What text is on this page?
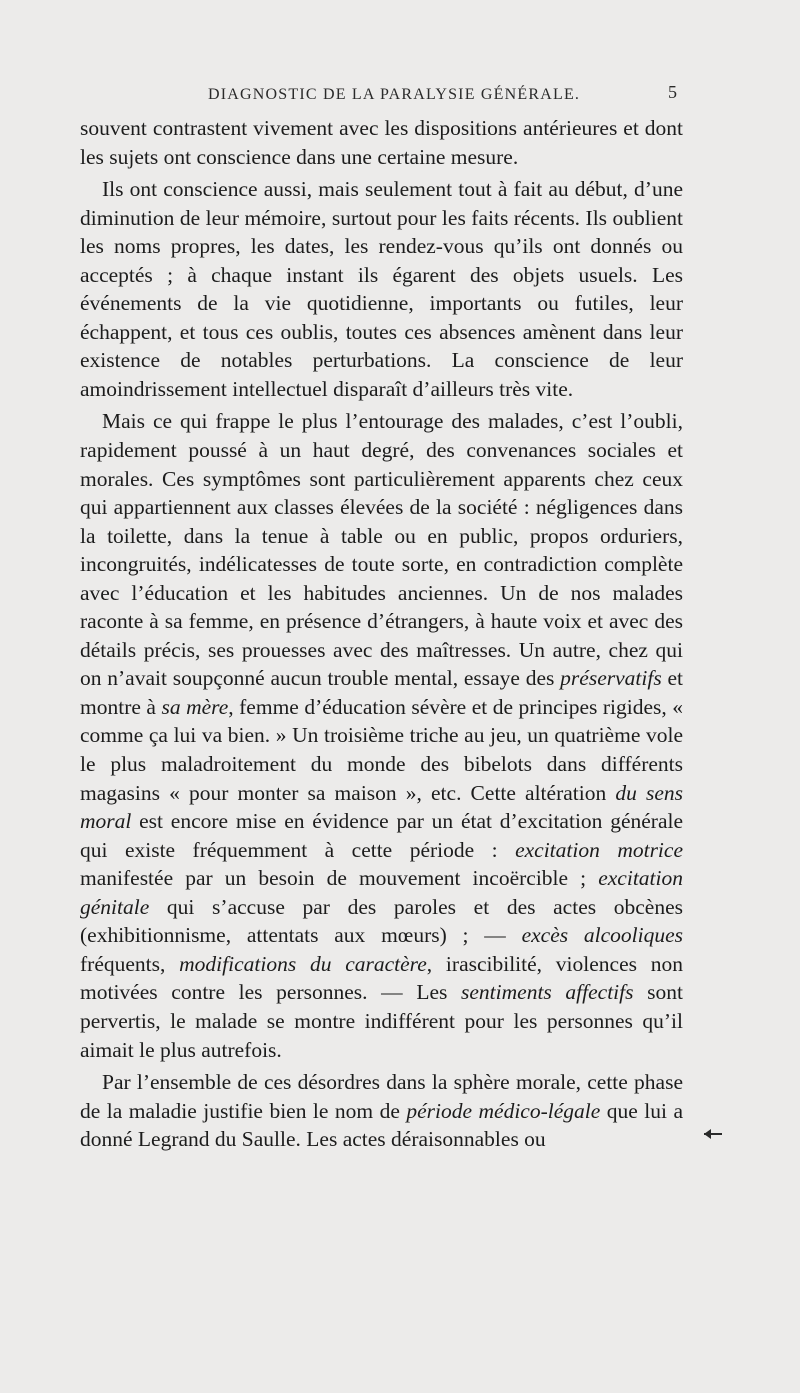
DIAGNOSTIC DE LA PARALYSIE GÉNÉRALE.	5

souvent contrastent vivement avec les dispositions antérieures et dont les sujets ont conscience dans une certaine mesure.

Ils ont conscience aussi, mais seulement tout à fait au début, d’une diminution de leur mémoire, surtout pour les faits récents. Ils oublient les noms propres, les dates, les rendez-vous qu’ils ont donnés ou acceptés ; à chaque instant ils égarent des objets usuels. Les événements de la vie quotidienne, importants ou futiles, leur échappent, et tous ces oublis, toutes ces absences amènent dans leur existence de notables perturbations. La conscience de leur amoindrissement intellectuel disparaît d’ailleurs très vite.

Mais ce qui frappe le plus l’entourage des malades, c’est l’oubli, rapidement poussé à un haut degré, des convenances sociales et morales. Ces symptômes sont particulièrement apparents chez ceux qui appartiennent aux classes élevées de la société : négligences dans la toilette, dans la tenue à table ou en public, propos orduriers, incongruités, indélicatesses de toute sorte, en contradiction complète avec l’éducation et les habitudes anciennes. Un de nos malades raconte à sa femme, en présence d’étrangers, à haute voix et avec des détails précis, ses prouesses avec des maîtresses. Un autre, chez qui on n’avait soupçonné aucun trouble mental, essaye des préservatifs et montre à sa mère, femme d’éducation sévère et de principes rigides, « comme ça lui va bien. » Un troisième triche au jeu, un quatrième vole le plus maladroitement du monde des bibelots dans différents magasins « pour monter sa maison », etc. Cette altération du sens moral est encore mise en évidence par un état d’excitation générale qui existe fréquemment à cette période : excitation motrice manifestée par un besoin de mouvement incoërcible ; excitation génitale qui s’accuse par des paroles et des actes obcènes (exhibitionnisme, attentats aux mœurs) ; — excès alcooliques fréquents, modifications du caractère, irascibilité, violences non motivées contre les personnes. — Les sentiments affectifs sont pervertis, le malade se montre indifférent pour les personnes qu’il aimait le plus autrefois.

Par l’ensemble de ces désordres dans la sphère morale, cette phase de la maladie justifie bien le nom de période médico-légale que lui a donné Legrand du Saulle. Les actes déraisonnables ou
